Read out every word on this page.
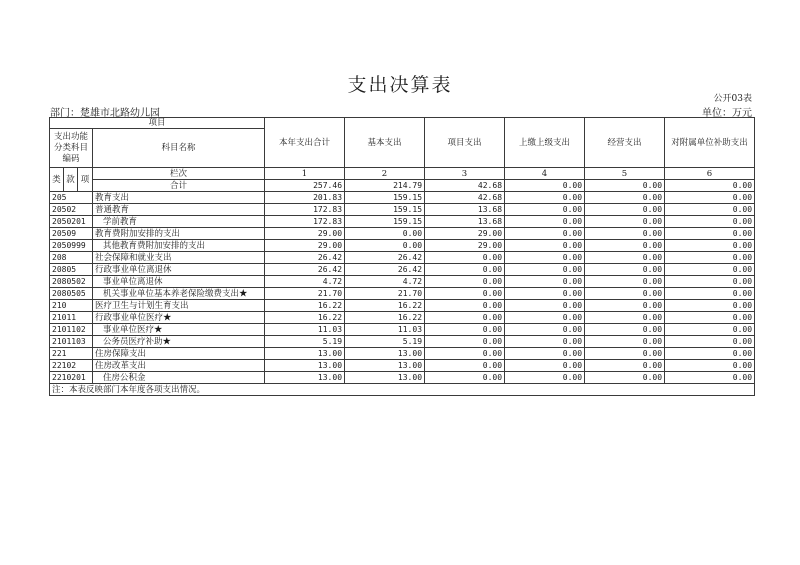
支出决算表
公开03表
部门：楚雄市北路幼儿园	单位：万元
项目				本年支出合计	基本支出	项目支出	上缴上级支出	经营支出	对附属单位补助支出
支出功能分类科目编码			科目名称						

类	款	项	栏次	1	2	3	4	5	6
			合计	257.46	214.79	42.68	0.00	0.00	0.00
205			教育支出	201.83	159.15	42.68	0.00	0.00	0.00
20502			普通教育	172.83	159.15	13.68	0.00	0.00	0.00
2050201			学前教育	172.83	159.15	13.68	0.00	0.00	0.00
20509			教育费附加安排的支出	29.00	0.00	29.00	0.00	0.00	0.00
2050999			其他教育费附加安排的支出	29.00	0.00	29.00	0.00	0.00	0.00
208			社会保障和就业支出	26.42	26.42	0.00	0.00	0.00	0.00
20805			行政事业单位离退休	26.42	26.42	0.00	0.00	0.00	0.00
2080502			事业单位离退休	4.72	4.72	0.00	0.00	0.00	0.00
2080505			机关事业单位基本养老保险缴费支出★	21.70	21.70	0.00	0.00	0.00	0.00
210			医疗卫生与计划生育支出	16.22	16.22	0.00	0.00	0.00	0.00
21011			行政事业单位医疗★	16.22	16.22	0.00	0.00	0.00	0.00
2101102			事业单位医疗★	11.03	11.03	0.00	0.00	0.00	0.00
2101103			公务员医疗补助★	5.19	5.19	0.00	0.00	0.00	0.00
221			住房保障支出	13.00	13.00	0.00	0.00	0.00	0.00
22102			住房改革支出	13.00	13.00	0.00	0.00	0.00	0.00
2210201			住房公积金	13.00	13.00	0.00	0.00	0.00	0.00
注：本表反映部门本年度各项支出情况。									
